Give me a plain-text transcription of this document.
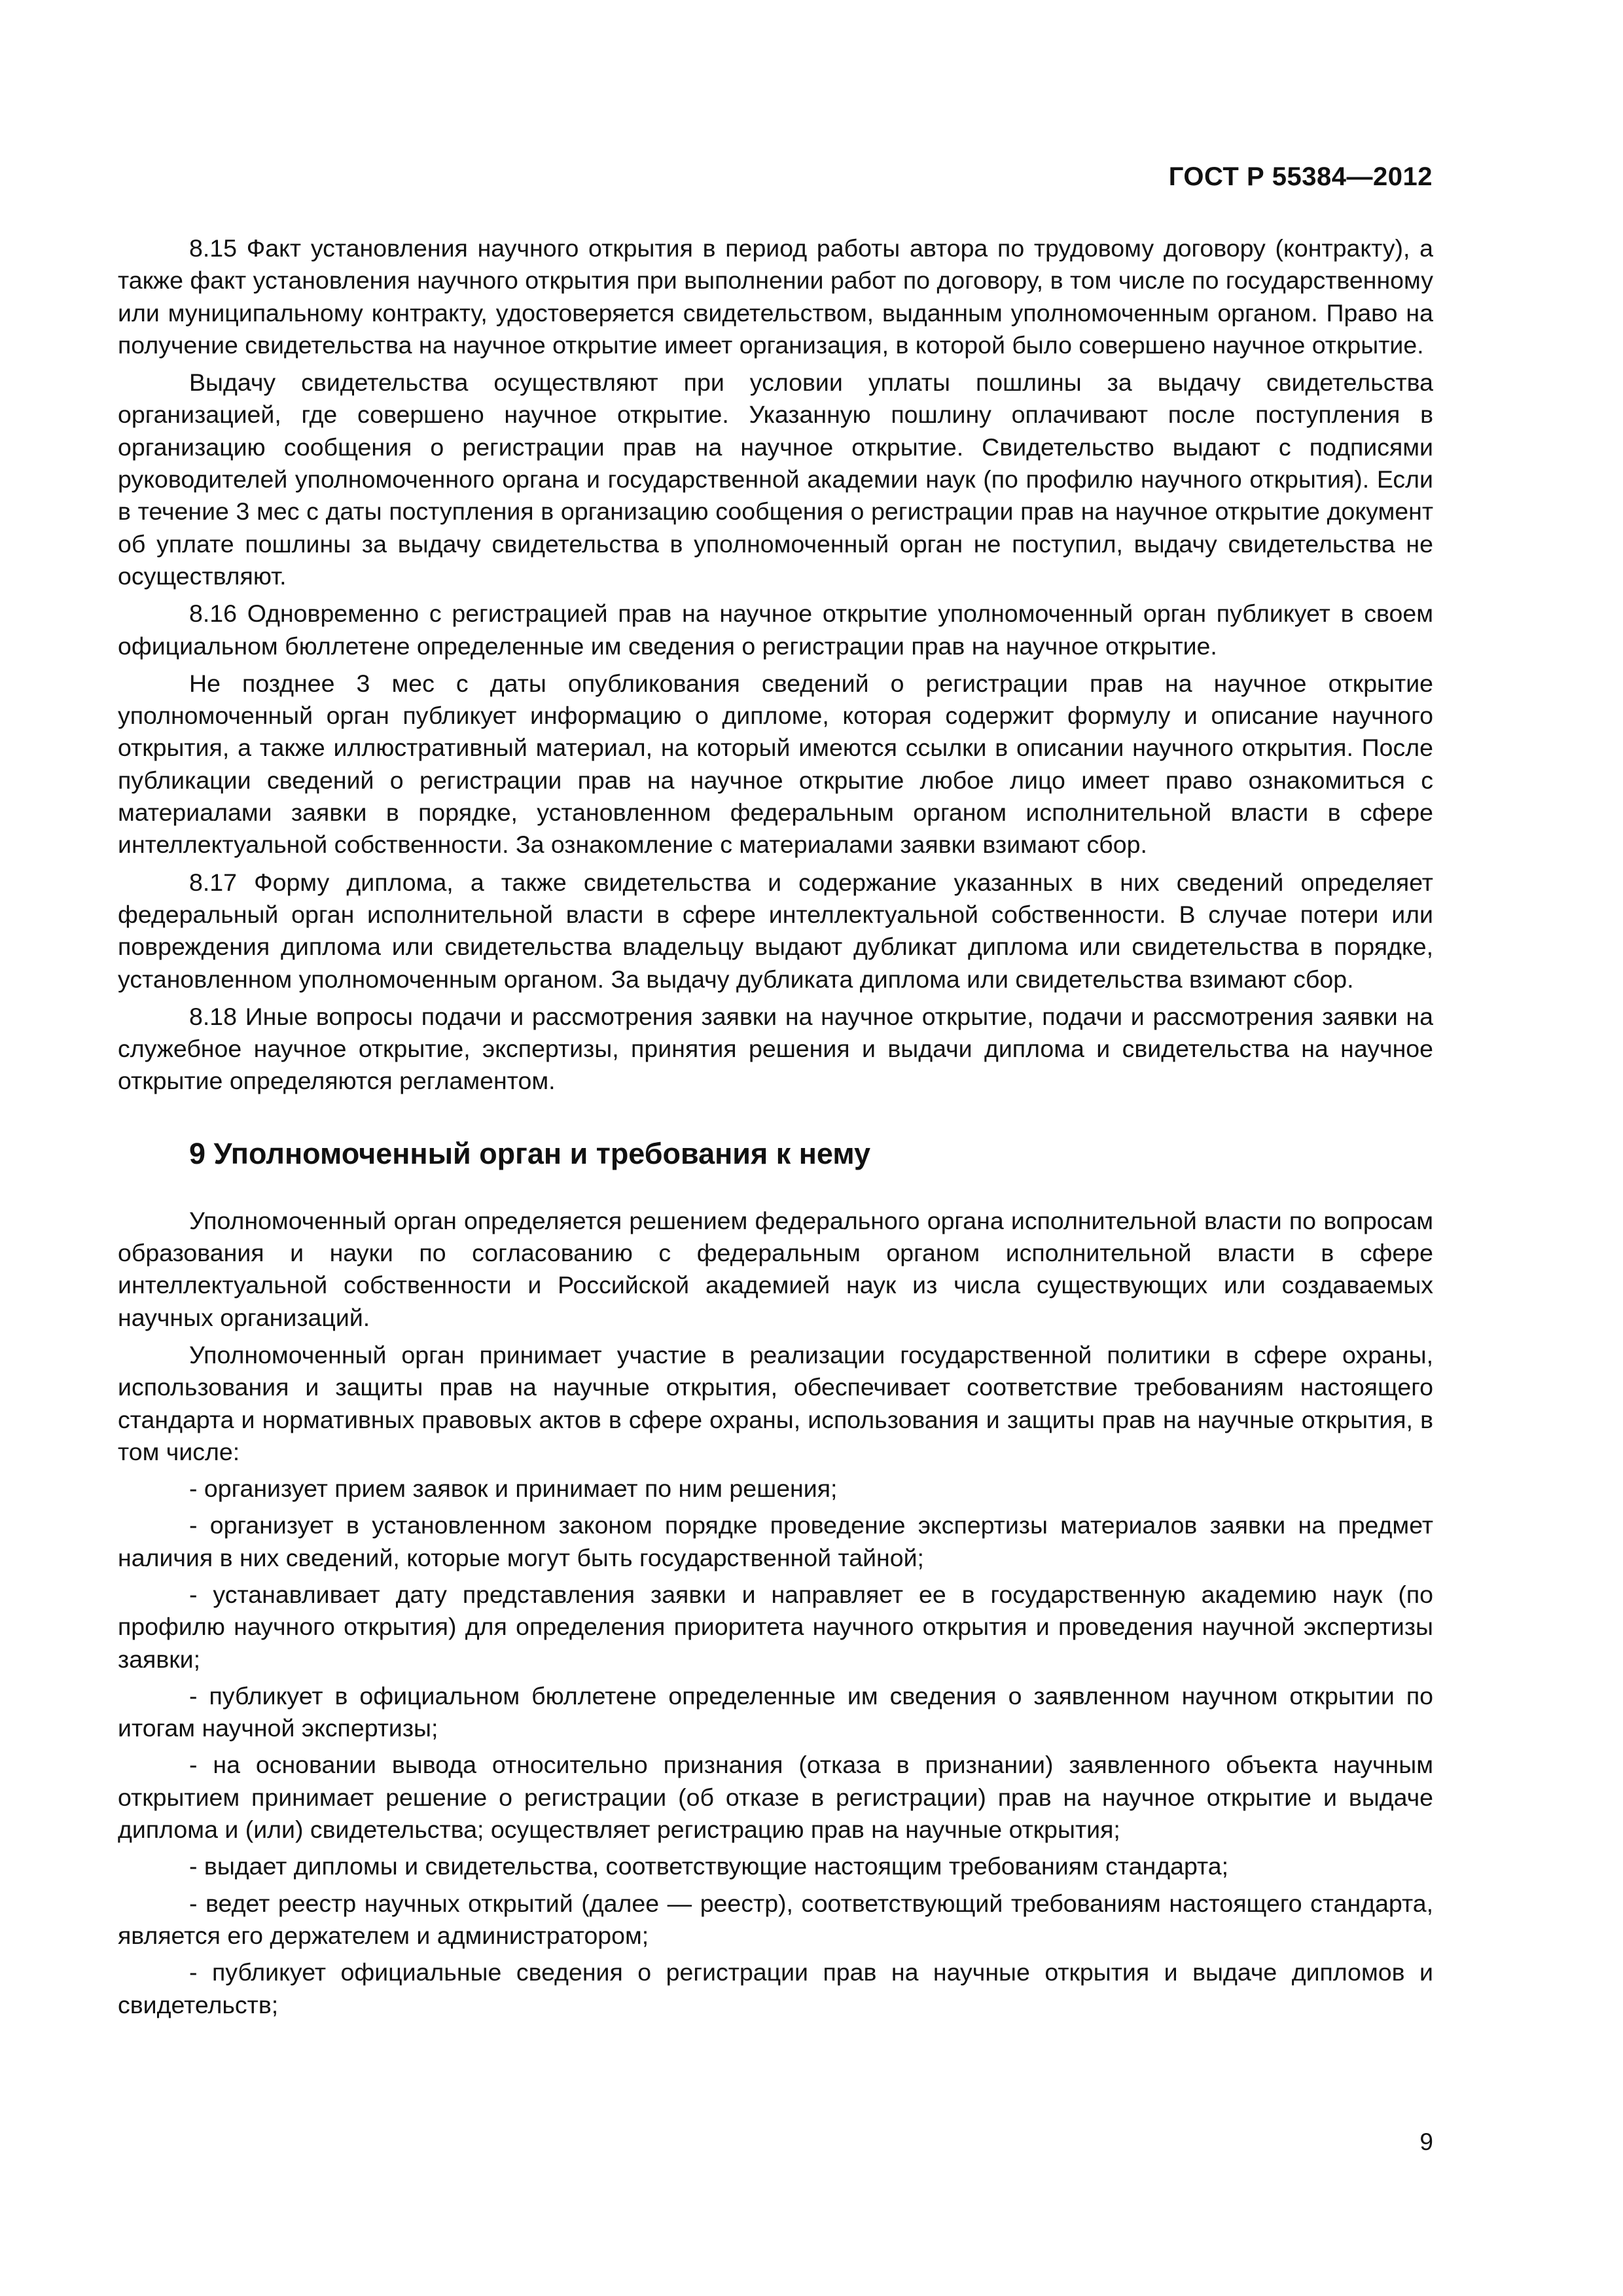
ГОСТ Р 55384—2012

8.15 Факт установления научного открытия в период работы автора по трудовому договору (контракту), а также факт установления научного открытия при выполнении работ по договору, в том числе по государственному или муниципальному контракту, удостоверяется свидетельством, выданным уполномоченным органом. Право на получение свидетельства на научное открытие имеет организация, в которой было совершено научное открытие.

Выдачу свидетельства осуществляют при условии уплаты пошлины за выдачу свидетельства организацией, где совершено научное открытие. Указанную пошлину оплачивают после поступления в организацию сообщения о регистрации прав на научное открытие. Свидетельство выдают с подписями руководителей уполномоченного органа и государственной академии наук (по профилю научного открытия). Если в течение 3 мес с даты поступления в организацию сообщения о регистрации прав на научное открытие документ об уплате пошлины за выдачу свидетельства в уполномоченный орган не поступил, выдачу свидетельства не осуществляют.

8.16 Одновременно с регистрацией прав на научное открытие уполномоченный орган публикует в своем официальном бюллетене определенные им сведения о регистрации прав на научное открытие.

Не позднее 3 мес с даты опубликования сведений о регистрации прав на научное открытие уполномоченный орган публикует информацию о дипломе, которая содержит формулу и описание научного открытия, а также иллюстративный материал, на который имеются ссылки в описании научного открытия. После публикации сведений о регистрации прав на научное открытие любое лицо имеет право ознакомиться с материалами заявки в порядке, установленном федеральным органом исполнительной власти в сфере интеллектуальной собственности. За ознакомление с материалами заявки взимают сбор.

8.17 Форму диплома, а также свидетельства и содержание указанных в них сведений определяет федеральный орган исполнительной власти в сфере интеллектуальной собственности. В случае потери или повреждения диплома или свидетельства владельцу выдают дубликат диплома или свидетельства в порядке, установленном уполномоченным органом. За выдачу дубликата диплома или свидетельства взимают сбор.

8.18 Иные вопросы подачи и рассмотрения заявки на научное открытие, подачи и рассмотрения заявки на служебное научное открытие, экспертизы, принятия решения и выдачи диплома и свидетельства на научное открытие определяются регламентом.

9 Уполномоченный орган и требования к нему

Уполномоченный орган определяется решением федерального органа исполнительной власти по вопросам образования и науки по согласованию с федеральным органом исполнительной власти в сфере интеллектуальной собственности и Российской академией наук из числа существующих или создаваемых научных организаций.

Уполномоченный орган принимает участие в реализации государственной политики в сфере охраны, использования и защиты прав на научные открытия, обеспечивает соответствие требованиям настоящего стандарта и нормативных правовых актов в сфере охраны, использования и защиты прав на научные открытия, в том числе:

- организует прием заявок и принимает по ним решения;

- организует в установленном законом порядке проведение экспертизы материалов заявки на предмет наличия в них сведений, которые могут быть государственной тайной;

- устанавливает дату представления заявки и направляет ее в государственную академию наук (по профилю научного открытия) для определения приоритета научного открытия и проведения научной экспертизы заявки;

- публикует в официальном бюллетене определенные им сведения о заявленном научном открытии по итогам научной экспертизы;

- на основании вывода относительно признания (отказа в признании) заявленного объекта научным открытием принимает решение о регистрации (об отказе в регистрации) прав на научное открытие и выдаче диплома и (или) свидетельства; осуществляет регистрацию прав на научные открытия;

- выдает дипломы и свидетельства, соответствующие настоящим требованиям стандарта;

- ведет реестр научных открытий (далее — реестр), соответствующий требованиям настоящего стандарта, является его держателем и администратором;

- публикует официальные сведения о регистрации прав на научные открытия и выдаче дипломов и свидетельств;

9
